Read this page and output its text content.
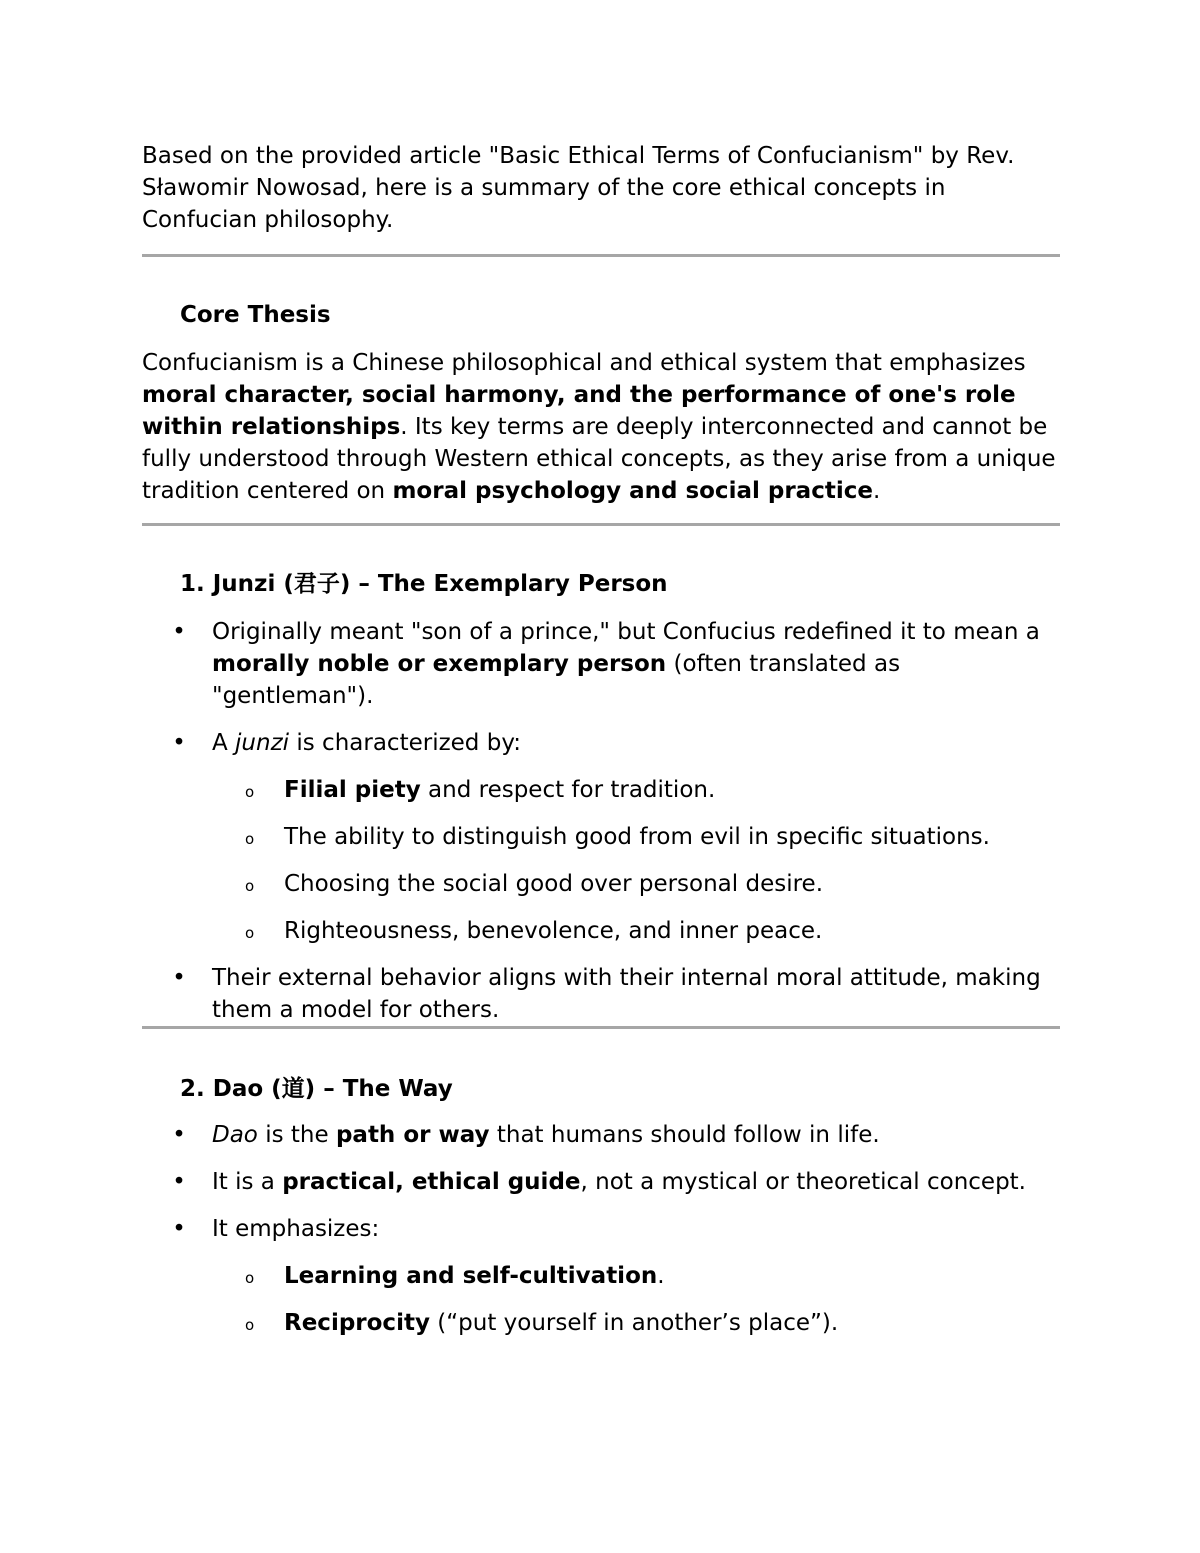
Based on the provided article "Basic Ethical Terms of Confucianism" by Rev. Sławomir Nowosad, here is a summary of the core ethical concepts in Confucian philosophy.

Core Thesis

Confucianism is a Chinese philosophical and ethical system that emphasizes moral character, social harmony, and the performance of one's role within relationships. Its key terms are deeply interconnected and cannot be fully understood through Western ethical concepts, as they arise from a unique tradition centered on moral psychology and social practice.

1. Junzi (君子) – The Exemplary Person

• Originally meant "son of a prince," but Confucius redefined it to mean a morally noble or exemplary person (often translated as "gentleman").
• A junzi is characterized by:
o Filial piety and respect for tradition.
o The ability to distinguish good from evil in specific situations.
o Choosing the social good over personal desire.
o Righteousness, benevolence, and inner peace.
• Their external behavior aligns with their internal moral attitude, making them a model for others.

2. Dao (道) – The Way

• Dao is the path or way that humans should follow in life.
• It is a practical, ethical guide, not a mystical or theoretical concept.
• It emphasizes:
o Learning and self-cultivation.
o Reciprocity (“put yourself in another’s place”).
